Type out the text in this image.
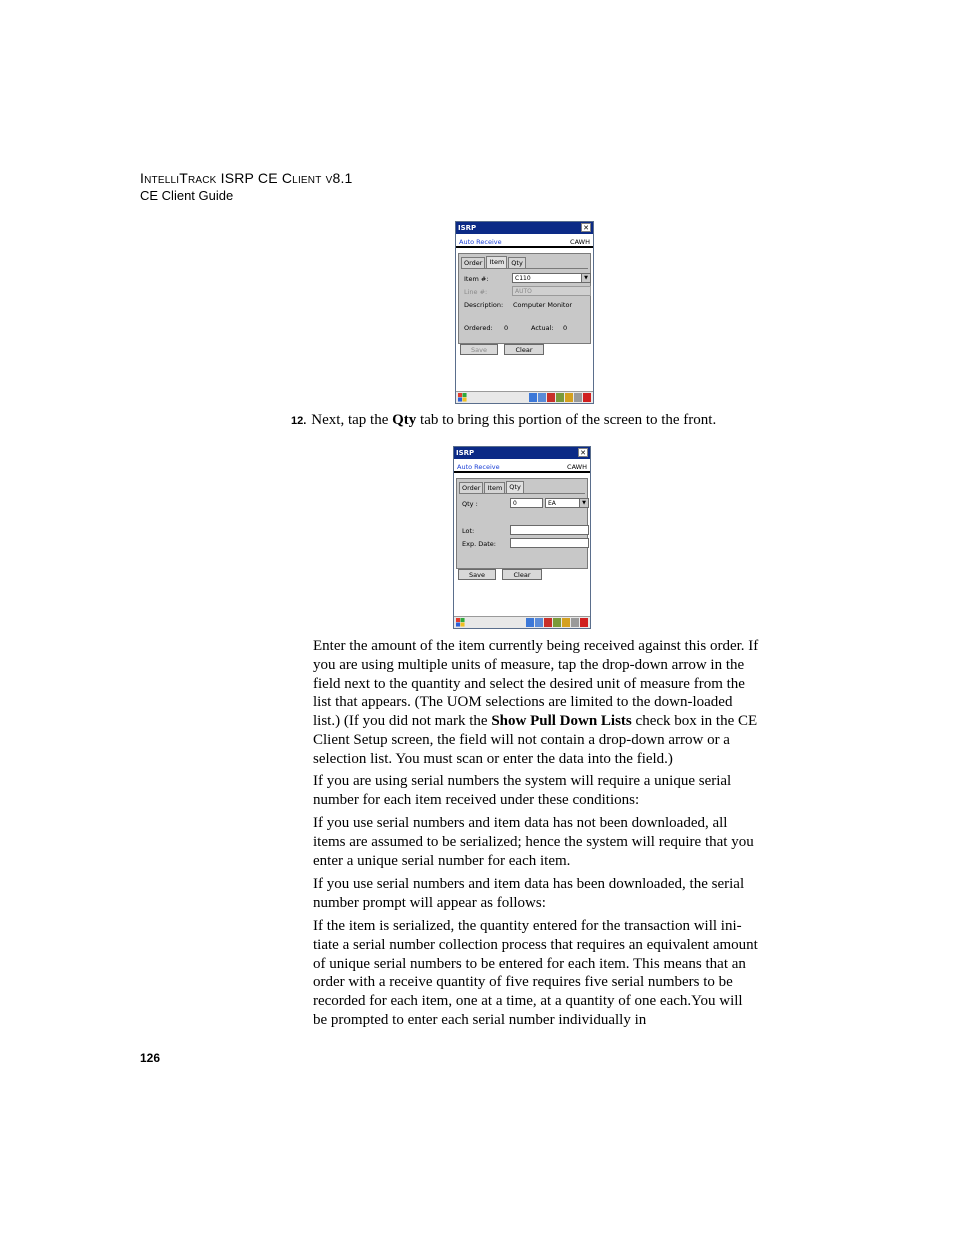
IntelliTrack ISRP CE Client v8.1
CE Client Guide
ISRP	✕
Auto Receive	CAWH
Order	Item	Qty
Item #:	C110	▼
Line #:	AUTO
Description: Computer Monitor
Ordered: 0	Actual: 0
Save	Clear
12. Next, tap the Qty tab to bring this portion of the screen to the front.
ISRP	✕
Auto Receive	CAWH
Order	Item	Qty
Qty :	0	EA	▼
Lot:
Exp. Date:
Save	Clear

Enter the amount of the item currently being received against this order. If you are using multiple units of measure, tap the drop-down arrow in the field next to the quantity and select the desired unit of measure from the list that appears. (The UOM selections are limited to the down-loaded list.) (If you did not mark the Show Pull Down Lists check box in the CE Client Setup screen, the field will not contain a drop-down arrow or a selection list. You must scan or enter the data into the field.)

If you are using serial numbers the system will require a unique serial number for each item received under these conditions:

If you use serial numbers and item data has not been downloaded, all items are assumed to be serialized; hence the system will require that you enter a unique serial number for each item.

If you use serial numbers and item data has been downloaded, the serial number prompt will appear as follows:

If the item is serialized, the quantity entered for the transaction will ini-tiate a serial number collection process that requires an equivalent amount of unique serial numbers to be entered for each item. This means that an order with a receive quantity of five requires five serial numbers to be recorded for each item, one at a time, at a quantity of one each.You will be prompted to enter each serial number individually in

126
